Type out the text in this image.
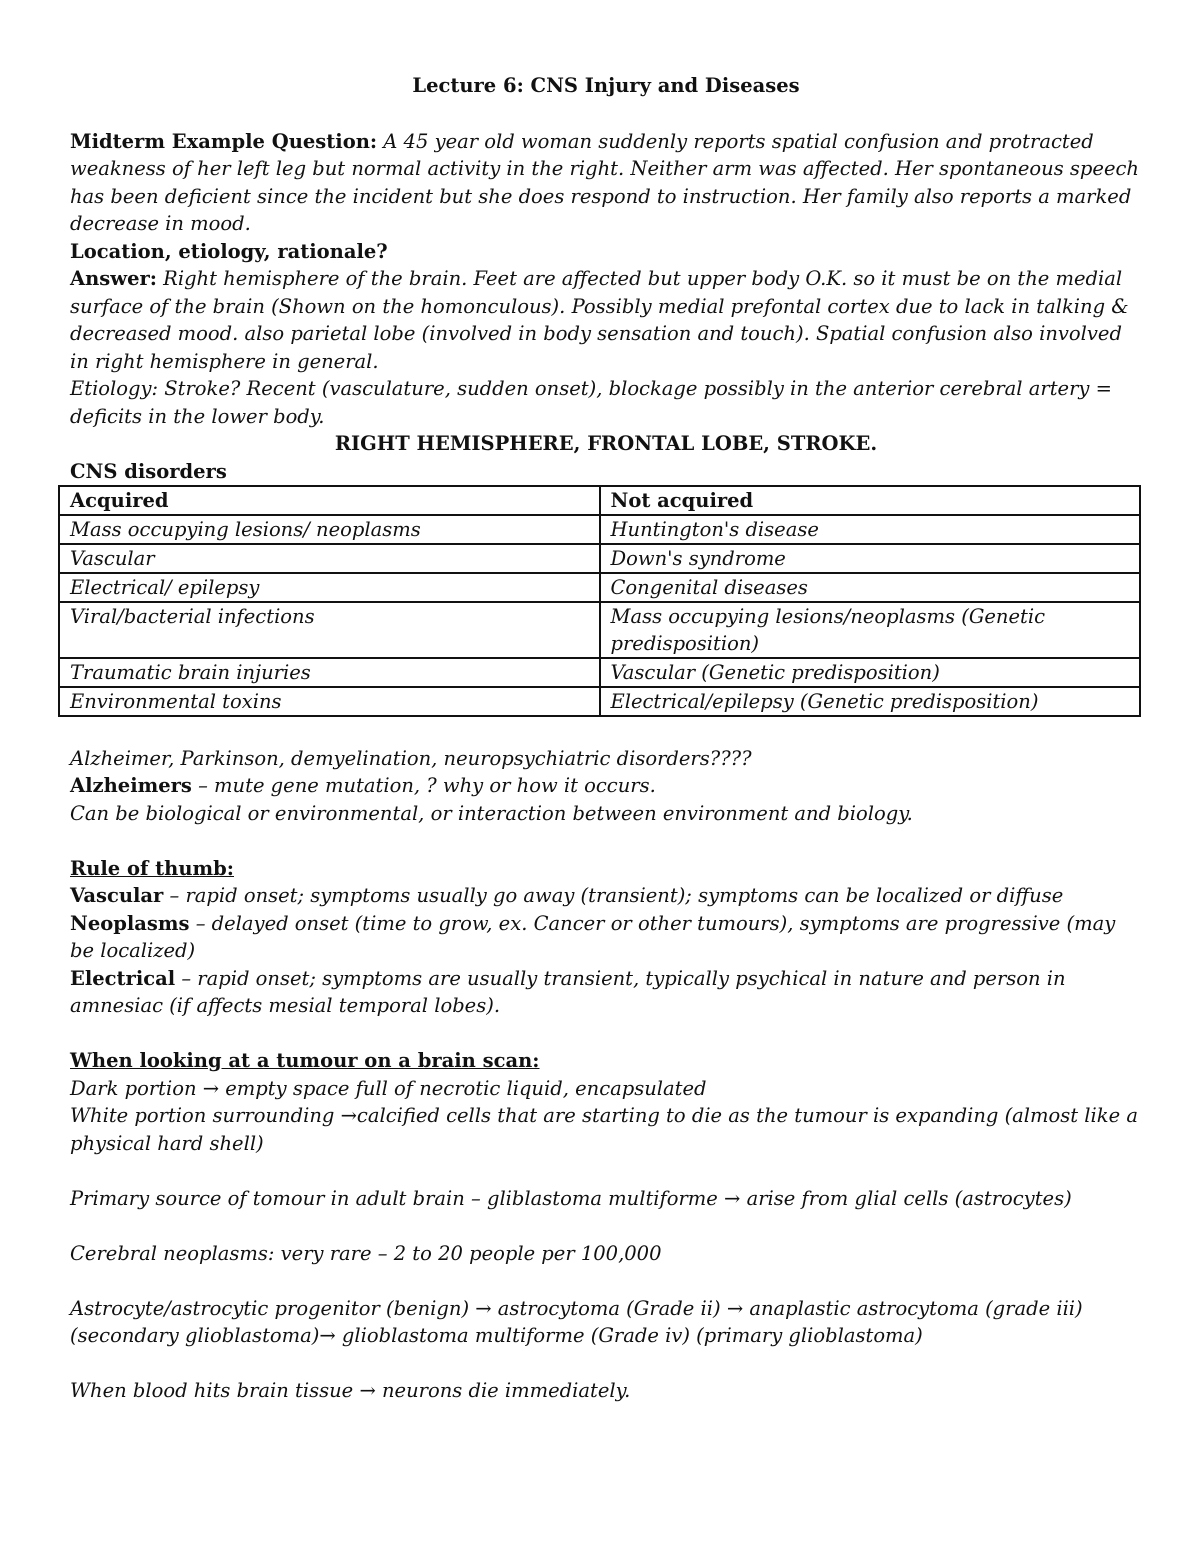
Lecture 6: CNS Injury and Diseases

Midterm Example Question: A 45 year old woman suddenly reports spatial confusion and protracted weakness of her left leg but normal activity in the right. Neither arm was affected. Her spontaneous speech has been deficient since the incident but she does respond to instruction. Her family also reports a marked decrease in mood.

Location, etiology, rationale?

Answer: Right hemisphere of the brain. Feet are affected but upper body O.K. so it must be on the medial surface of the brain (Shown on the homonculous). Possibly medial prefontal cortex due to lack in talking & decreased mood. also parietal lobe (involved in body sensation and touch). Spatial confusion also involved in right hemisphere in general.

Etiology: Stroke? Recent (vasculature, sudden onset), blockage possibly in the anterior cerebral artery = deficits in the lower body.

RIGHT HEMISPHERE, FRONTAL LOBE, STROKE.

CNS disorders

Acquired	Not acquired
Mass occupying lesions/ neoplasms	Huntington's disease
Vascular	Down's syndrome
Electrical/ epilepsy	Congenital diseases
Viral/bacterial infections	Mass occupying lesions/neoplasms (Genetic predisposition)
Traumatic brain injuries	Vascular (Genetic predisposition)
Environmental toxins	Electrical/epilepsy (Genetic predisposition)

Alzheimer, Parkinson, demyelination, neuropsychiatric disorders????

Alzheimers – mute gene mutation, ? why or how it occurs.

Can be biological or environmental, or interaction between environment and biology.

Rule of thumb:

Vascular – rapid onset; symptoms usually go away (transient); symptoms can be localized or diffuse

Neoplasms – delayed onset (time to grow, ex. Cancer or other tumours), symptoms are progressive (may be localized)

Electrical – rapid onset; symptoms are usually transient, typically psychical in nature and person in amnesiac (if affects mesial temporal lobes).

When looking at a tumour on a brain scan:

Dark portion → empty space full of necrotic liquid, encapsulated

White portion surrounding →calcified cells that are starting to die as the tumour is expanding (almost like a physical hard shell)

Primary source of tomour in adult brain – gliblastoma multiforme → arise from glial cells (astrocytes)

Cerebral neoplasms: very rare – 2 to 20 people per 100,000

Astrocyte/astrocytic progenitor (benign) → astrocytoma (Grade ii) → anaplastic astrocytoma (grade iii) (secondary glioblastoma)→ glioblastoma multiforme (Grade iv) (primary glioblastoma)

When blood hits brain tissue → neurons die immediately.
